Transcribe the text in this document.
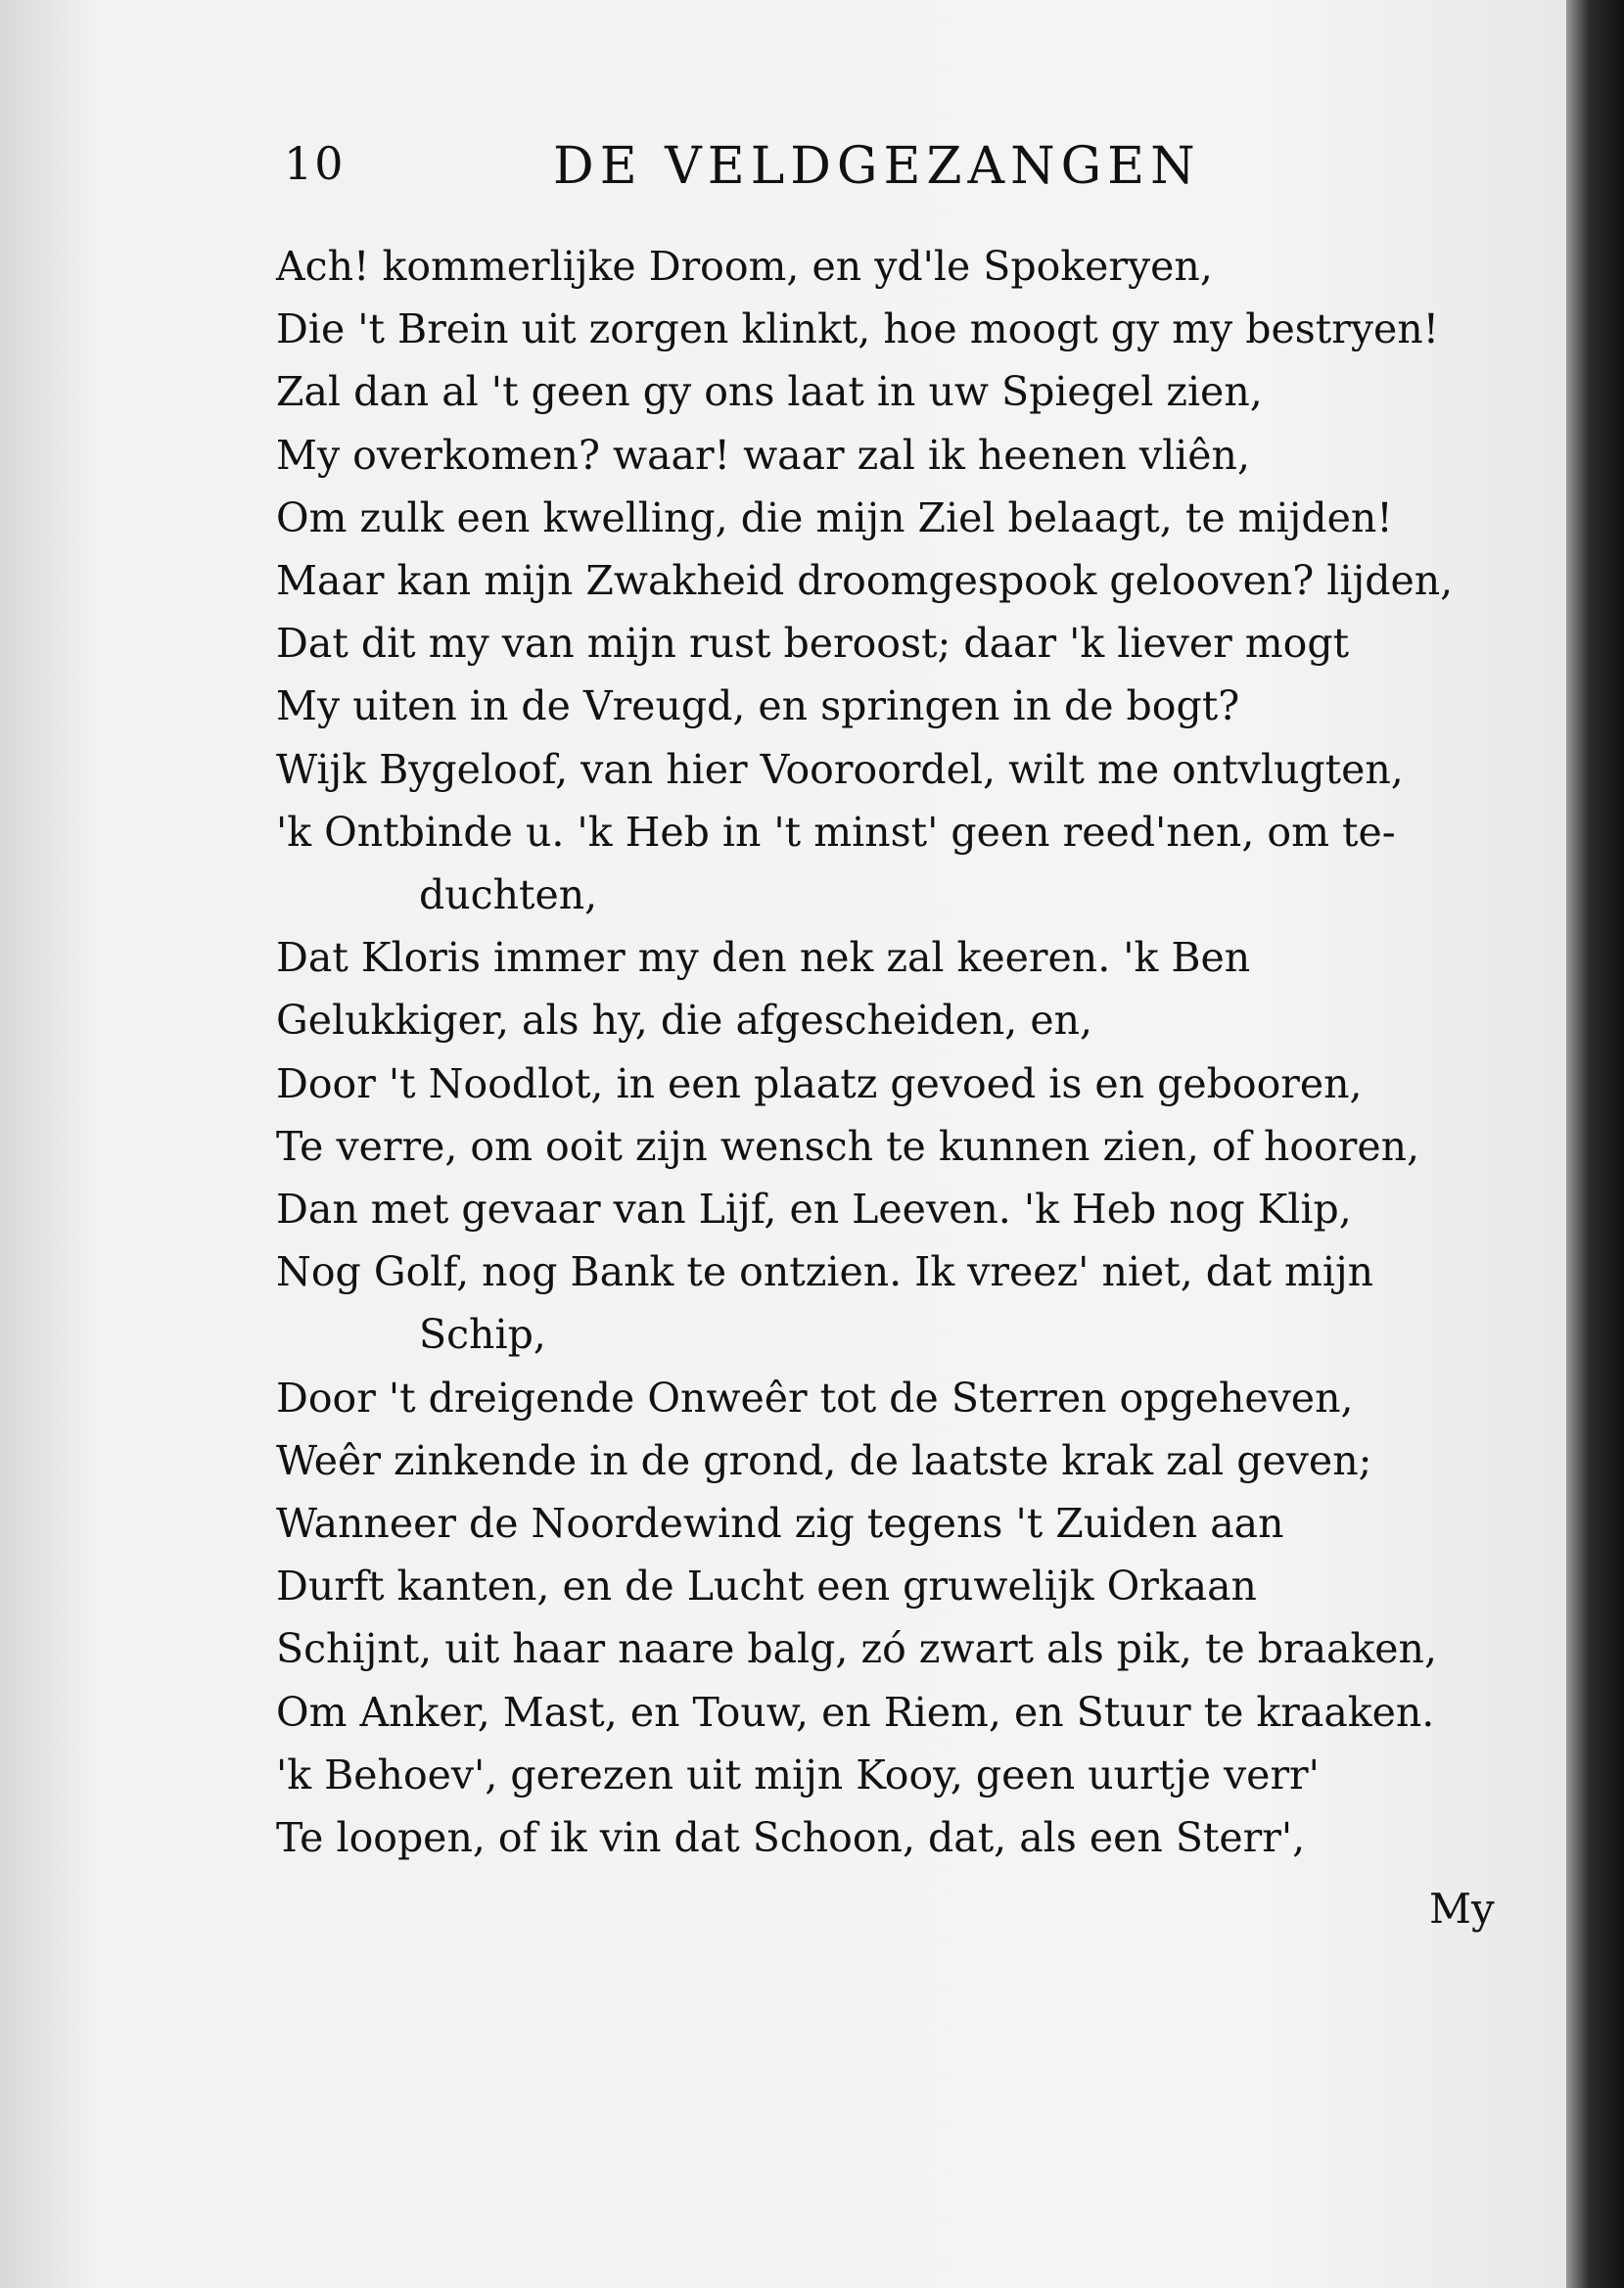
10	DE VELDGEZANGEN
Ach! kommerlijke Droom, en yd'le Spokeryen,
Die 't Brein uit zorgen klinkt, hoe moogt gy my bestryen!
Zal dan al 't geen gy ons laat in uw Spiegel zien,
My overkomen? waar! waar zal ik heenen vliên,
Om zulk een kwelling, die mijn Ziel belaagt, te mijden!
Maar kan mijn Zwakheid droomgespook gelooven? lijden,
Dat dit my van mijn rust beroost; daar 'k liever mogt
My uiten in de Vreugd, en springen in de bogt?
Wijk Bygeloof, van hier Vooroordel, wilt me ontvlugten,
'k Ontbinde u. 'k Heb in 't minst' geen reed'nen, om te-
duchten,
Dat Kloris immer my den nek zal keeren. 'k Ben
Gelukkiger, als hy, die afgescheiden, en,
Door 't Noodlot, in een plaatz gevoed is en gebooren,
Te verre, om ooit zijn wensch te kunnen zien, of hooren,
Dan met gevaar van Lijf, en Leeven. 'k Heb nog Klip,
Nog Golf, nog Bank te ontzien. Ik vreez' niet, dat mijn
Schip,
Door 't dreigende Onweêr tot de Sterren opgeheven,
Weêr zinkende in de grond, de laatste krak zal geven;
Wanneer de Noordewind zig tegens 't Zuiden aan
Durft kanten, en de Lucht een gruwelijk Orkaan
Schijnt, uit haar naare balg, zó zwart als pik, te braaken,
Om Anker, Mast, en Touw, en Riem, en Stuur te kraaken.
'k Behoev', gerezen uit mijn Kooy, geen uurtje verr'
Te loopen, of ik vin dat Schoon, dat, als een Sterr',
My
